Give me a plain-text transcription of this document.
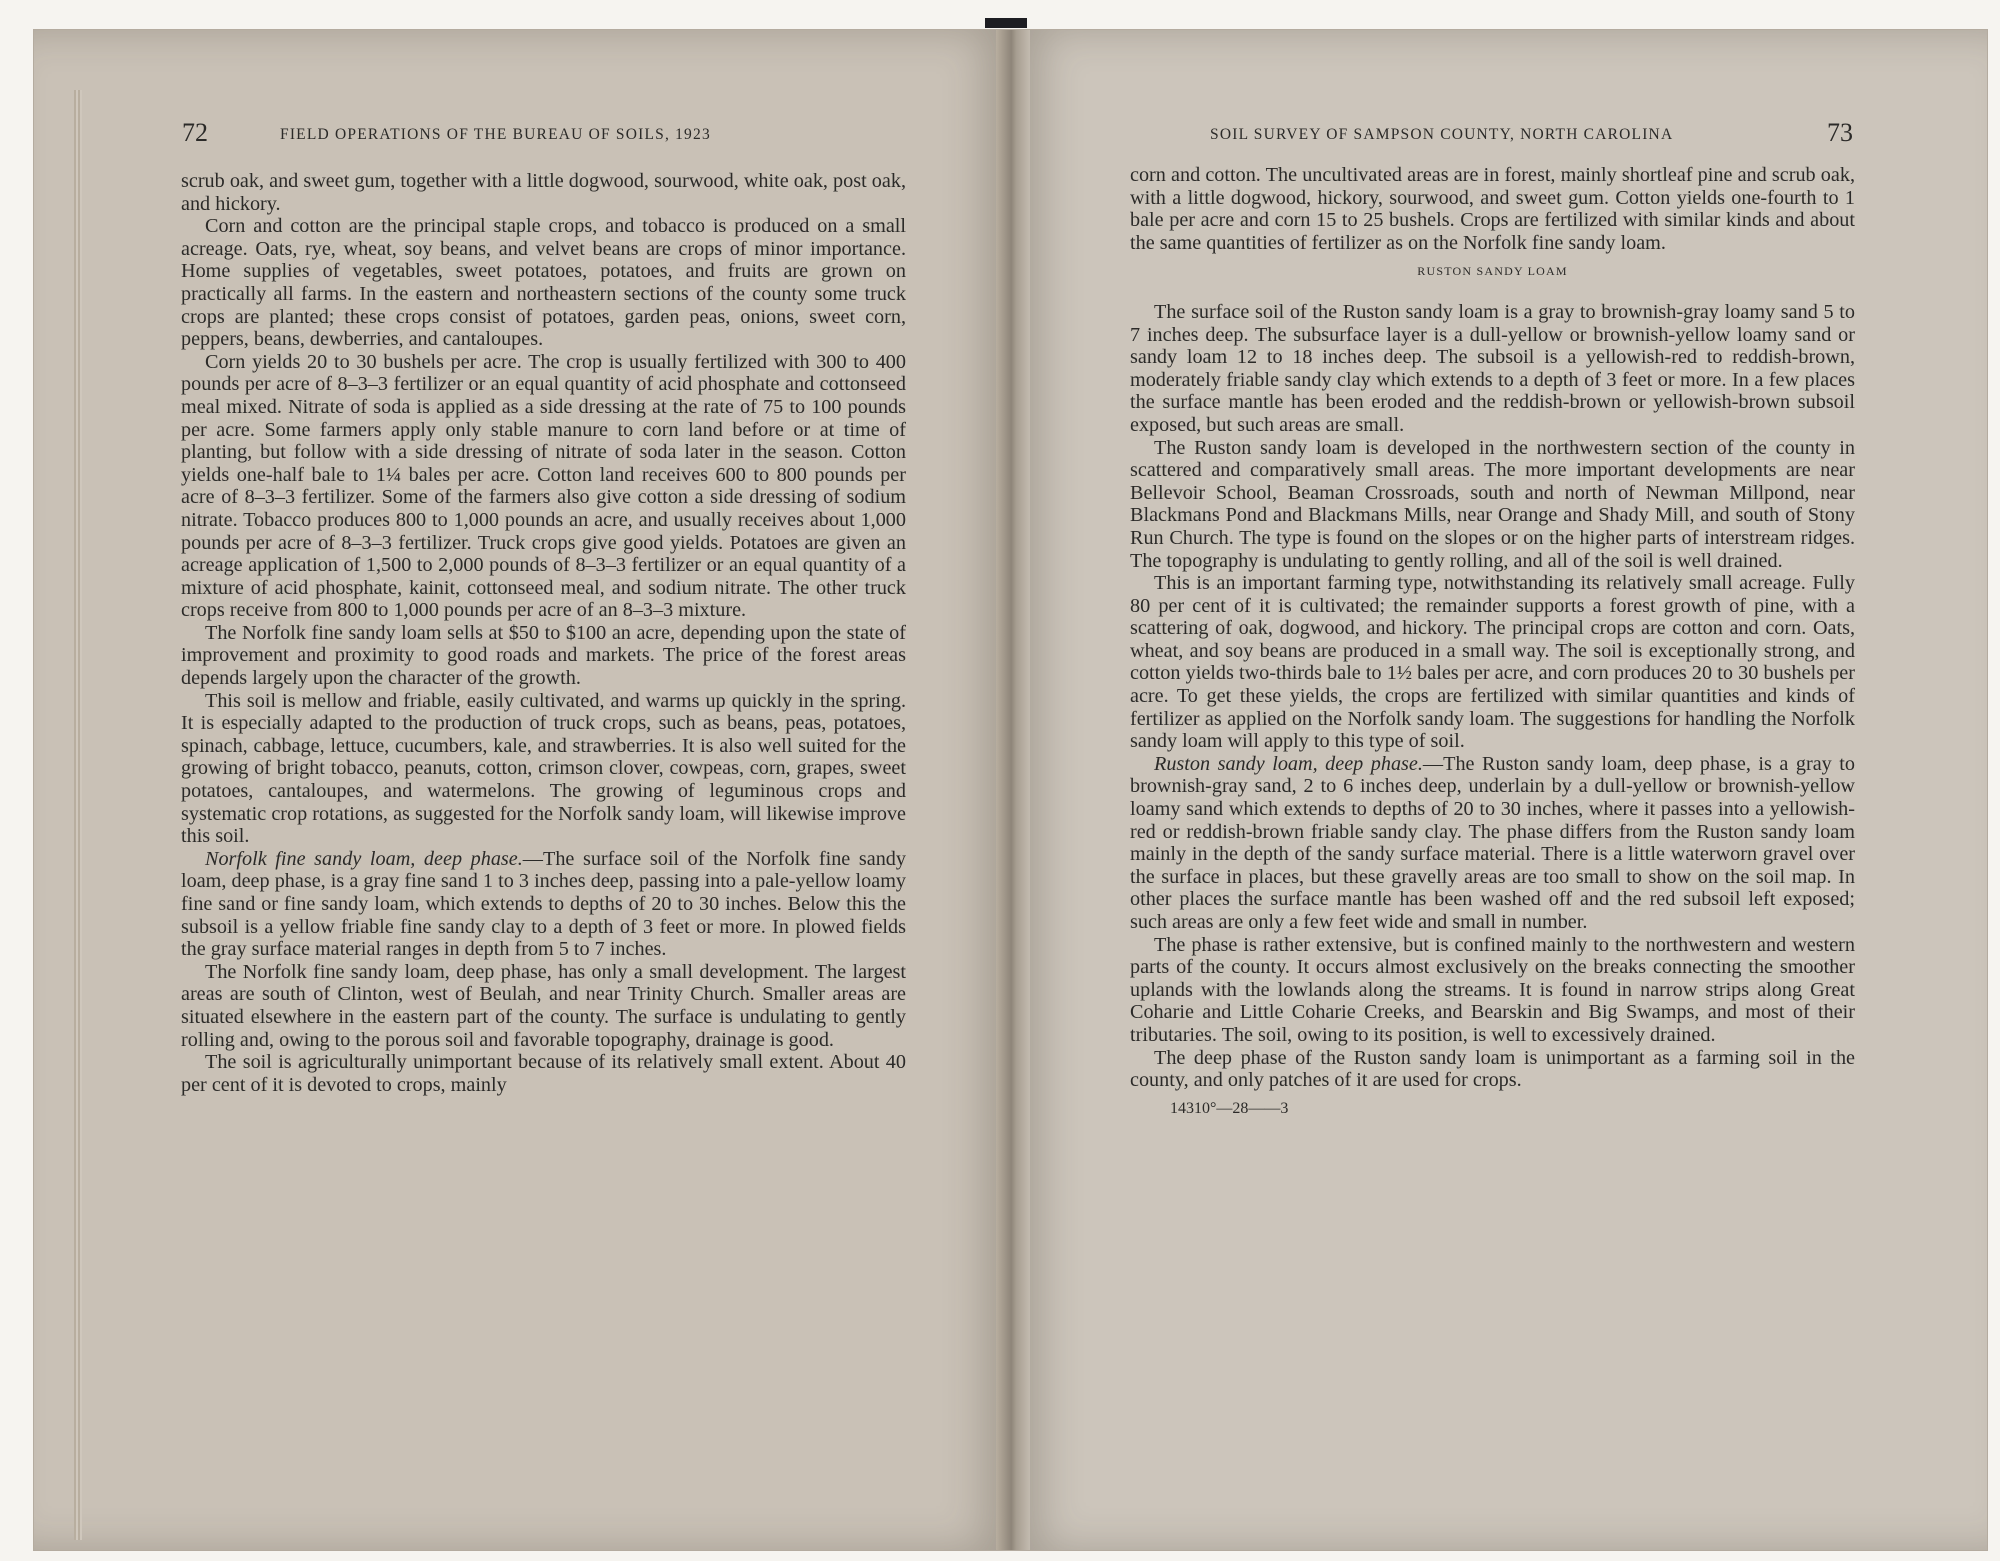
72	FIELD OPERATIONS OF THE BUREAU OF SOILS, 1923

scrub oak, and sweet gum, together with a little dogwood, sourwood, white oak, post oak, and hickory.

Corn and cotton are the principal staple crops, and tobacco is produced on a small acreage. Oats, rye, wheat, soy beans, and velvet beans are crops of minor importance. Home supplies of vegetables, sweet potatoes, potatoes, and fruits are grown on practically all farms. In the eastern and northeastern sections of the county some truck crops are planted; these crops consist of potatoes, garden peas, onions, sweet corn, peppers, beans, dewberries, and cantaloupes.

Corn yields 20 to 30 bushels per acre. The crop is usually fertilized with 300 to 400 pounds per acre of 8–3–3 fertilizer or an equal quantity of acid phosphate and cottonseed meal mixed. Nitrate of soda is applied as a side dressing at the rate of 75 to 100 pounds per acre. Some farmers apply only stable manure to corn land before or at time of planting, but follow with a side dressing of nitrate of soda later in the season. Cotton yields one-half bale to 1¼ bales per acre. Cotton land receives 600 to 800 pounds per acre of 8–3–3 fertilizer. Some of the farmers also give cotton a side dressing of sodium nitrate. Tobacco produces 800 to 1,000 pounds an acre, and usually receives about 1,000 pounds per acre of 8–3–3 fertilizer. Truck crops give good yields. Potatoes are given an acreage application of 1,500 to 2,000 pounds of 8–3–3 fertilizer or an equal quantity of a mixture of acid phosphate, kainit, cottonseed meal, and sodium nitrate. The other truck crops receive from 800 to 1,000 pounds per acre of an 8–3–3 mixture.

The Norfolk fine sandy loam sells at $50 to $100 an acre, depending upon the state of improvement and proximity to good roads and markets. The price of the forest areas depends largely upon the character of the growth.

This soil is mellow and friable, easily cultivated, and warms up quickly in the spring. It is especially adapted to the production of truck crops, such as beans, peas, potatoes, spinach, cabbage, lettuce, cucumbers, kale, and strawberries. It is also well suited for the growing of bright tobacco, peanuts, cotton, crimson clover, cowpeas, corn, grapes, sweet potatoes, cantaloupes, and watermelons. The growing of leguminous crops and systematic crop rotations, as suggested for the Norfolk sandy loam, will likewise improve this soil.

Norfolk fine sandy loam, deep phase.—The surface soil of the Norfolk fine sandy loam, deep phase, is a gray fine sand 1 to 3 inches deep, passing into a pale-yellow loamy fine sand or fine sandy loam, which extends to depths of 20 to 30 inches. Below this the subsoil is a yellow friable fine sandy clay to a depth of 3 feet or more. In plowed fields the gray surface material ranges in depth from 5 to 7 inches.

The Norfolk fine sandy loam, deep phase, has only a small development. The largest areas are south of Clinton, west of Beulah, and near Trinity Church. Smaller areas are situated elsewhere in the eastern part of the county. The surface is undulating to gently rolling and, owing to the porous soil and favorable topography, drainage is good.

The soil is agriculturally unimportant because of its relatively small extent. About 40 per cent of it is devoted to crops, mainly

SOIL SURVEY OF SAMPSON COUNTY, NORTH CAROLINA	73

corn and cotton. The uncultivated areas are in forest, mainly shortleaf pine and scrub oak, with a little dogwood, hickory, sourwood, and sweet gum. Cotton yields one-fourth to 1 bale per acre and corn 15 to 25 bushels. Crops are fertilized with similar kinds and about the same quantities of fertilizer as on the Norfolk fine sandy loam.

RUSTON SANDY LOAM

The surface soil of the Ruston sandy loam is a gray to brownish-gray loamy sand 5 to 7 inches deep. The subsurface layer is a dull-yellow or brownish-yellow loamy sand or sandy loam 12 to 18 inches deep. The subsoil is a yellowish-red to reddish-brown, moderately friable sandy clay which extends to a depth of 3 feet or more. In a few places the surface mantle has been eroded and the reddish-brown or yellowish-brown subsoil exposed, but such areas are small.

The Ruston sandy loam is developed in the northwestern section of the county in scattered and comparatively small areas. The more important developments are near Bellevoir School, Beaman Crossroads, south and north of Newman Millpond, near Blackmans Pond and Blackmans Mills, near Orange and Shady Mill, and south of Stony Run Church. The type is found on the slopes or on the higher parts of interstream ridges. The topography is undulating to gently rolling, and all of the soil is well drained.

This is an important farming type, notwithstanding its relatively small acreage. Fully 80 per cent of it is cultivated; the remainder supports a forest growth of pine, with a scattering of oak, dogwood, and hickory. The principal crops are cotton and corn. Oats, wheat, and soy beans are produced in a small way. The soil is exceptionally strong, and cotton yields two-thirds bale to 1½ bales per acre, and corn produces 20 to 30 bushels per acre. To get these yields, the crops are fertilized with similar quantities and kinds of fertilizer as applied on the Norfolk sandy loam. The suggestions for handling the Norfolk sandy loam will apply to this type of soil.

Ruston sandy loam, deep phase.—The Ruston sandy loam, deep phase, is a gray to brownish-gray sand, 2 to 6 inches deep, underlain by a dull-yellow or brownish-yellow loamy sand which extends to depths of 20 to 30 inches, where it passes into a yellowish-red or reddish-brown friable sandy clay. The phase differs from the Ruston sandy loam mainly in the depth of the sandy surface material. There is a little waterworn gravel over the surface in places, but these gravelly areas are too small to show on the soil map. In other places the surface mantle has been washed off and the red subsoil left exposed; such areas are only a few feet wide and small in number.

The phase is rather extensive, but is confined mainly to the northwestern and western parts of the county. It occurs almost exclusively on the breaks connecting the smoother uplands with the lowlands along the streams. It is found in narrow strips along Great Coharie and Little Coharie Creeks, and Bearskin and Big Swamps, and most of their tributaries. The soil, owing to its position, is well to excessively drained.

The deep phase of the Ruston sandy loam is unimportant as a farming soil in the county, and only patches of it are used for crops.

14310°—28——3
